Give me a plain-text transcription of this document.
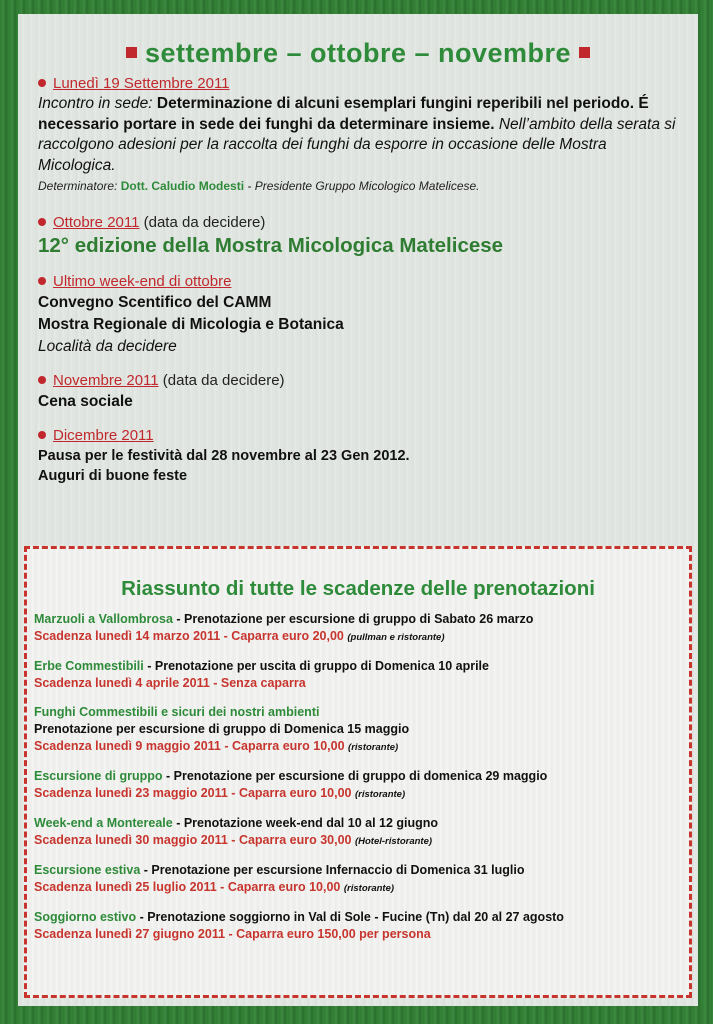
settembre – ottobre – novembre
Lunedì 19 Settembre 2011
Incontro in sede: Determinazione di alcuni esemplari fungini reperibili nel periodo. É necessario portare in sede dei funghi da determinare insieme. Nell’ambito della serata si raccolgono adesioni per la raccolta dei funghi da esporre in occasione delle Mostra Micologica.
Determinatore: Dott. Caludio Modesti - Presidente Gruppo Micologico Matelicese.
Ottobre 2011 (data da decidere)
12° edizione della Mostra Micologica Matelicese
Ultimo week-end di ottobre
Convegno Scentifico del CAMM
Mostra Regionale di Micologia e Botanica
Località da decidere
Novembre 2011 (data da decidere)
Cena sociale
Dicembre 2011
Pausa per le festività dal 28 novembre al 23 Gen 2012.
Auguri di buone feste
Riassunto di tutte le scadenze delle prenotazioni
Marzuoli a Vallombrosa - Prenotazione per escursione di gruppo di Sabato 26 marzo
Scadenza lunedì 14 marzo 2011 - Caparra euro 20,00 (pullman e ristorante)
Erbe Commestibili - Prenotazione per uscita di gruppo di Domenica 10 aprile
Scadenza lunedì 4 aprile 2011 - Senza caparra
Funghi Commestibili e sicuri dei nostri ambienti
Prenotazione per escursione di gruppo di Domenica 15 maggio
Scadenza lunedì 9 maggio 2011 - Caparra euro 10,00 (ristorante)
Escursione di gruppo - Prenotazione per escursione di gruppo di domenica 29 maggio
Scadenza lunedì 23 maggio 2011 - Caparra euro 10,00 (ristorante)
Week-end a Montereale - Prenotazione week-end dal 10 al 12 giugno
Scadenza lunedì 30 maggio 2011 - Caparra euro 30,00 (Hotel-ristorante)
Escursione estiva - Prenotazione per escursione Infernaccio di Domenica 31 luglio
Scadenza lunedì 25 luglio 2011 - Caparra euro 10,00 (ristorante)
Soggiorno estivo - Prenotazione soggiorno in Val di Sole - Fucine (Tn) dal 20 al 27 agosto
Scadenza lunedì 27 giugno 2011 - Caparra euro 150,00 per persona
